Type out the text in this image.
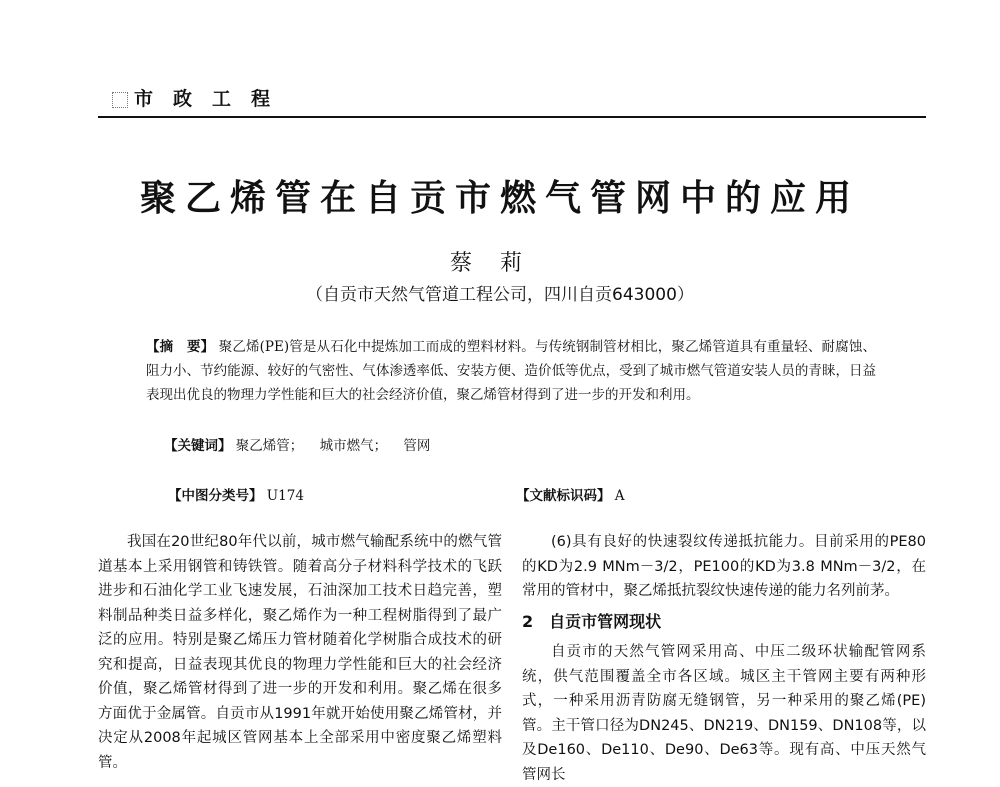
市政工程
聚乙烯管在自贡市燃气管网中的应用
蔡莉
（自贡市天然气管道工程公司，四川自贡643000）
【摘　要】 聚乙烯(PE)管是从石化中提炼加工而成的塑料材料。与传统钢制管材相比，聚乙烯管道具有重量轻、耐腐蚀、阻力小、节约能源、较好的气密性、气体渗透率低、安装方便、造价低等优点，受到了城市燃气管道安装人员的青睐，日益表现出优良的物理力学性能和巨大的社会经济价值，聚乙烯管材得到了进一步的开发和利用。
【关键词】 聚乙烯管； 城市燃气； 管网
【中图分类号】 U174	【文献标识码】 A

我国在20世纪80年代以前，城市燃气输配系统中的燃气管道基本上采用钢管和铸铁管。随着高分子材料科学技术的飞跃进步和石油化学工业飞速发展，石油深加工技术日趋完善，塑料制品种类日益多样化，聚乙烯作为一种工程树脂得到了最广泛的应用。特别是聚乙烯压力管材随着化学树脂合成技术的研究和提高，日益表现其优良的物理力学性能和巨大的社会经济价值，聚乙烯管材得到了进一步的开发和利用。聚乙烯在很多方面优于金属管。自贡市从1991年就开始使用聚乙烯管材，并决定从2008年起城区管网基本上全部采用中密度聚乙烯塑料管。

(6)具有良好的快速裂纹传递抵抗能力。目前采用的PE80的KD为2.9 MNm－3/2，PE100的KD为3.8 MNm－3/2，在常用的管材中，聚乙烯抵抗裂纹快速传递的能力名列前茅。

2 自贡市管网现状

自贡市的天然气管网采用高、中压二级环状输配管网系统，供气范围覆盖全市各区域。城区主干管网主要有两种形式，一种采用沥青防腐无缝钢管，另一种采用的聚乙烯(PE)管。主干管口径为DN245、DN219、DN159、DN108等，以及De160、De110、De90、De63等。现有高、中压天然气管网长
